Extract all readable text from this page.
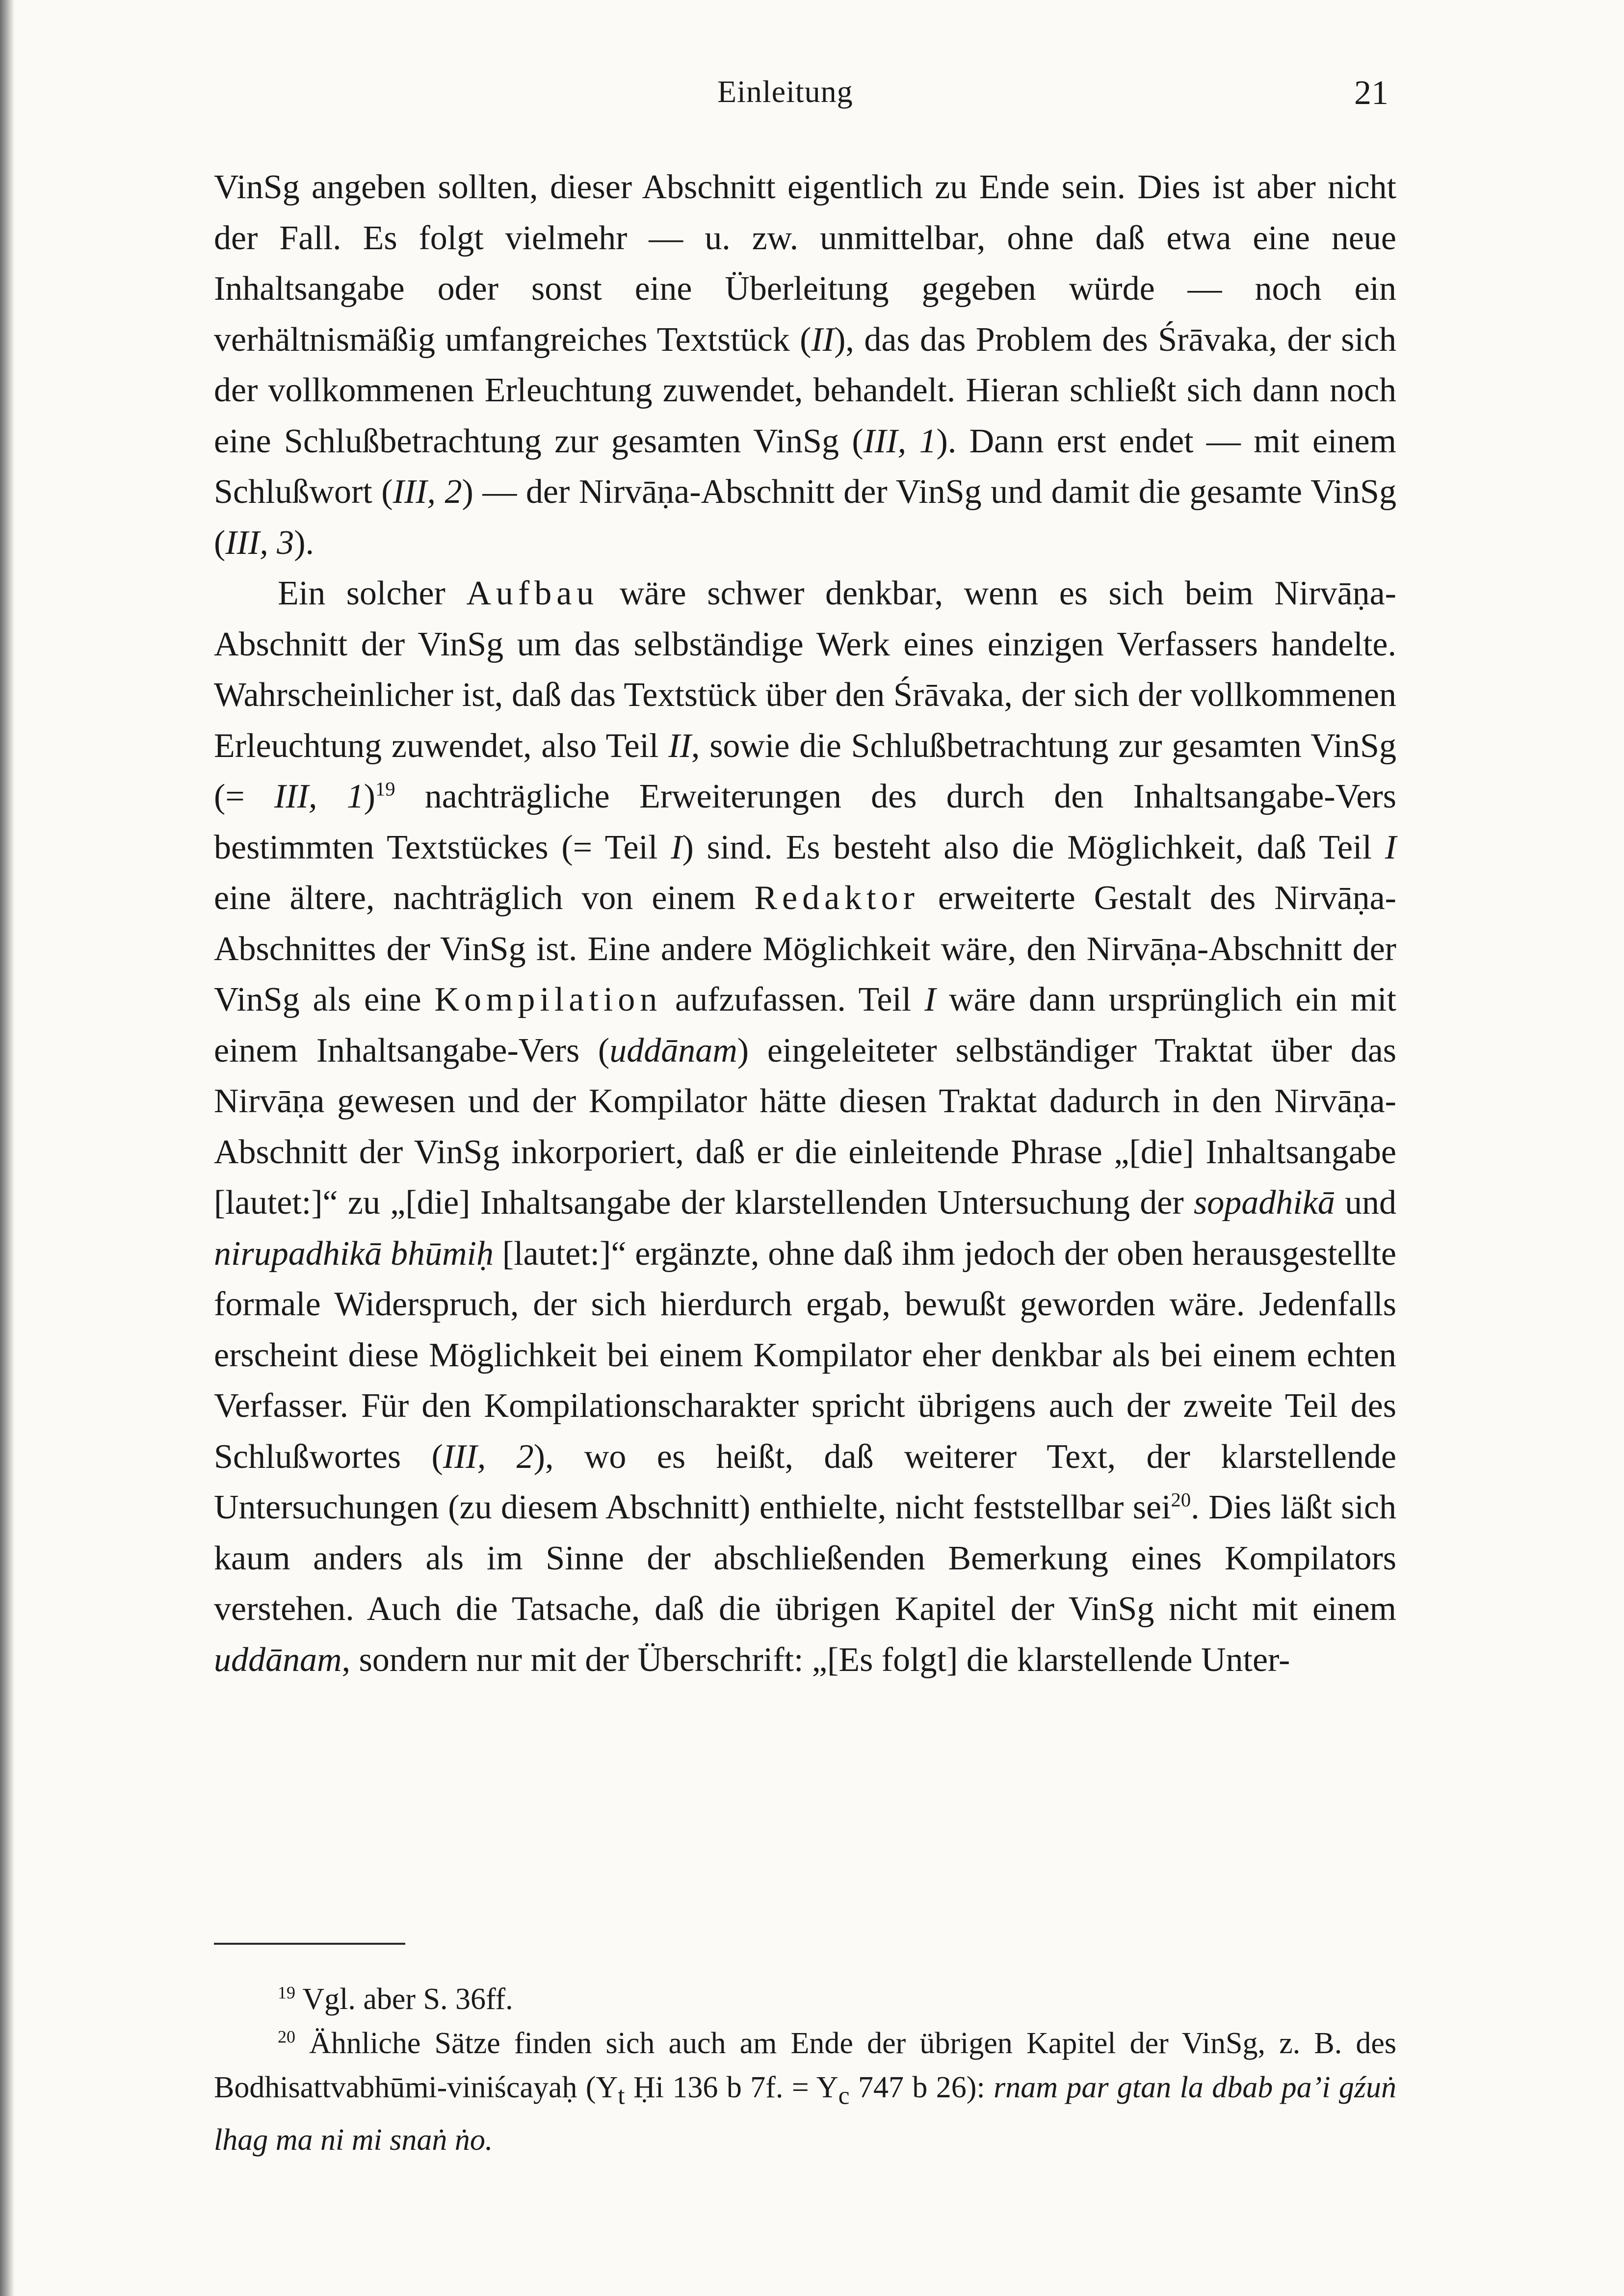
Einleitung	21

VinSg angeben sollten, dieser Abschnitt eigentlich zu Ende sein. Dies ist aber nicht der Fall. Es folgt vielmehr — u. zw. unmittelbar, ohne daß etwa eine neue Inhaltsangabe oder sonst eine Überleitung gegeben würde — noch ein verhältnismäßig umfangreiches Textstück (II), das das Problem des Śrāvaka, der sich der vollkommenen Erleuchtung zuwendet, behandelt. Hieran schließt sich dann noch eine Schlußbetrachtung zur gesamten VinSg (III, 1). Dann erst endet — mit einem Schlußwort (III, 2) — der Nirvāṇa-Abschnitt der VinSg und damit die gesamte VinSg (III, 3).

Ein solcher Aufbau wäre schwer denkbar, wenn es sich beim Nirvāṇa-Abschnitt der VinSg um das selbständige Werk eines einzigen Verfassers handelte. Wahrscheinlicher ist, daß das Textstück über den Śrāvaka, der sich der vollkommenen Erleuchtung zuwendet, also Teil II, sowie die Schlußbetrachtung zur gesamten VinSg (= III, 1)$^{19}$ nachträgliche Erweiterungen des durch den Inhaltsangabe-Vers bestimmten Textstückes (= Teil I) sind. Es besteht also die Möglichkeit, daß Teil I eine ältere, nachträglich von einem Redaktor erweiterte Gestalt des Nirvāṇa-Abschnittes der VinSg ist. Eine andere Möglichkeit wäre, den Nirvāṇa-Abschnitt der VinSg als eine Kompilation aufzufassen. Teil I wäre dann ursprünglich ein mit einem Inhaltsangabe-Vers (uddānam) eingeleiteter selbständiger Traktat über das Nirvāṇa gewesen und der Kompilator hätte diesen Traktat dadurch in den Nirvāṇa-Abschnitt der VinSg inkorporiert, daß er die einleitende Phrase „[die] Inhaltsangabe [lautet:]“ zu „[die] Inhaltsangabe der klarstellenden Untersuchung der sopadhikā und nirupadhikā bhūmiḥ [lautet:]“ ergänzte, ohne daß ihm jedoch der oben herausgestellte formale Widerspruch, der sich hierdurch ergab, bewußt geworden wäre. Jedenfalls erscheint diese Möglichkeit bei einem Kompilator eher denkbar als bei einem echten Verfasser. Für den Kompilationscharakter spricht übrigens auch der zweite Teil des Schlußwortes (III, 2), wo es heißt, daß weiterer Text, der klarstellende Untersuchungen (zu diesem Abschnitt) enthielte, nicht feststellbar sei$^{20}$. Dies läßt sich kaum anders als im Sinne der abschließenden Bemerkung eines Kompilators verstehen. Auch die Tatsache, daß die übrigen Kapitel der VinSg nicht mit einem uddānam, sondern nur mit der Überschrift: „[Es folgt] die klarstellende Unter-

$^{19}$ Vgl. aber S. 36ff.

$^{20}$ Ähnliche Sätze finden sich auch am Ende der übrigen Kapitel der VinSg, z. B. des Bodhisattvabhūmi-viniścayaḥ ($Y_t$ Ḥi 136 b 7f. = $Y_c$ 747 b 26): rnam par gtan la dbab paʼi gźuṅ lhag ma ni mi snaṅ ṅo.
